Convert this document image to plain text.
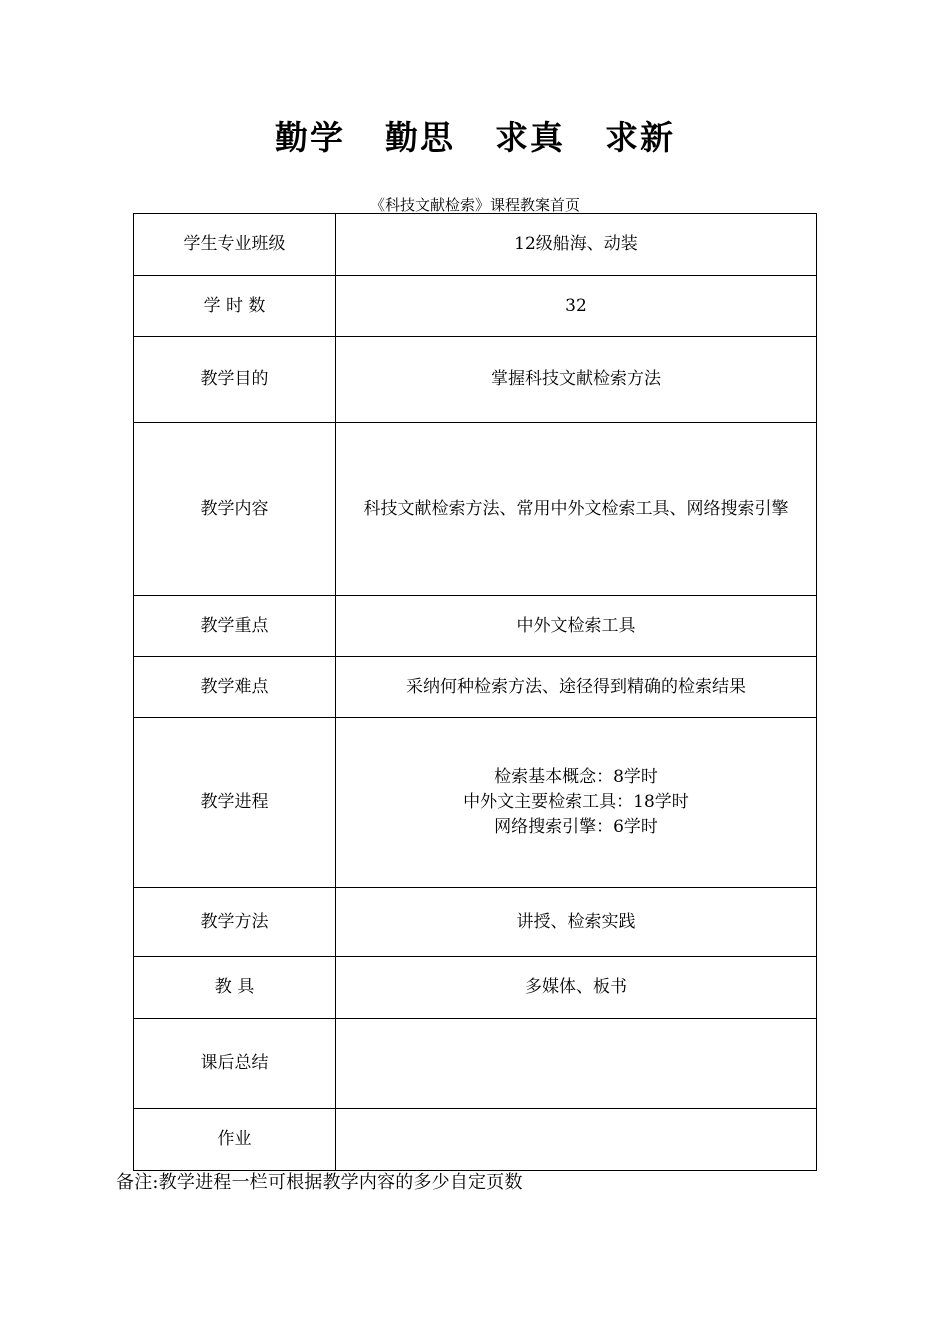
勤学 勤思 求真 求新
《科技文献检索》课程教案首页
学生专业班级	12级船海、动装
学 时 数	32
教学目的	掌握科技文献检索方法
教学内容	科技文献检索方法、常用中外文检索工具、网络搜索引擎
教学重点	中外文检索工具
教学难点	采纳何种检索方法、途径得到精确的检索结果
教学进程	检索基本概念：8学时
中外文主要检索工具：18学时
网络搜索引擎：6学时

教学方法	讲授、检索实践
教 具	多媒体、板书
课后总结	
作业	
备注:教学进程一栏可根据教学内容的多少自定页数
